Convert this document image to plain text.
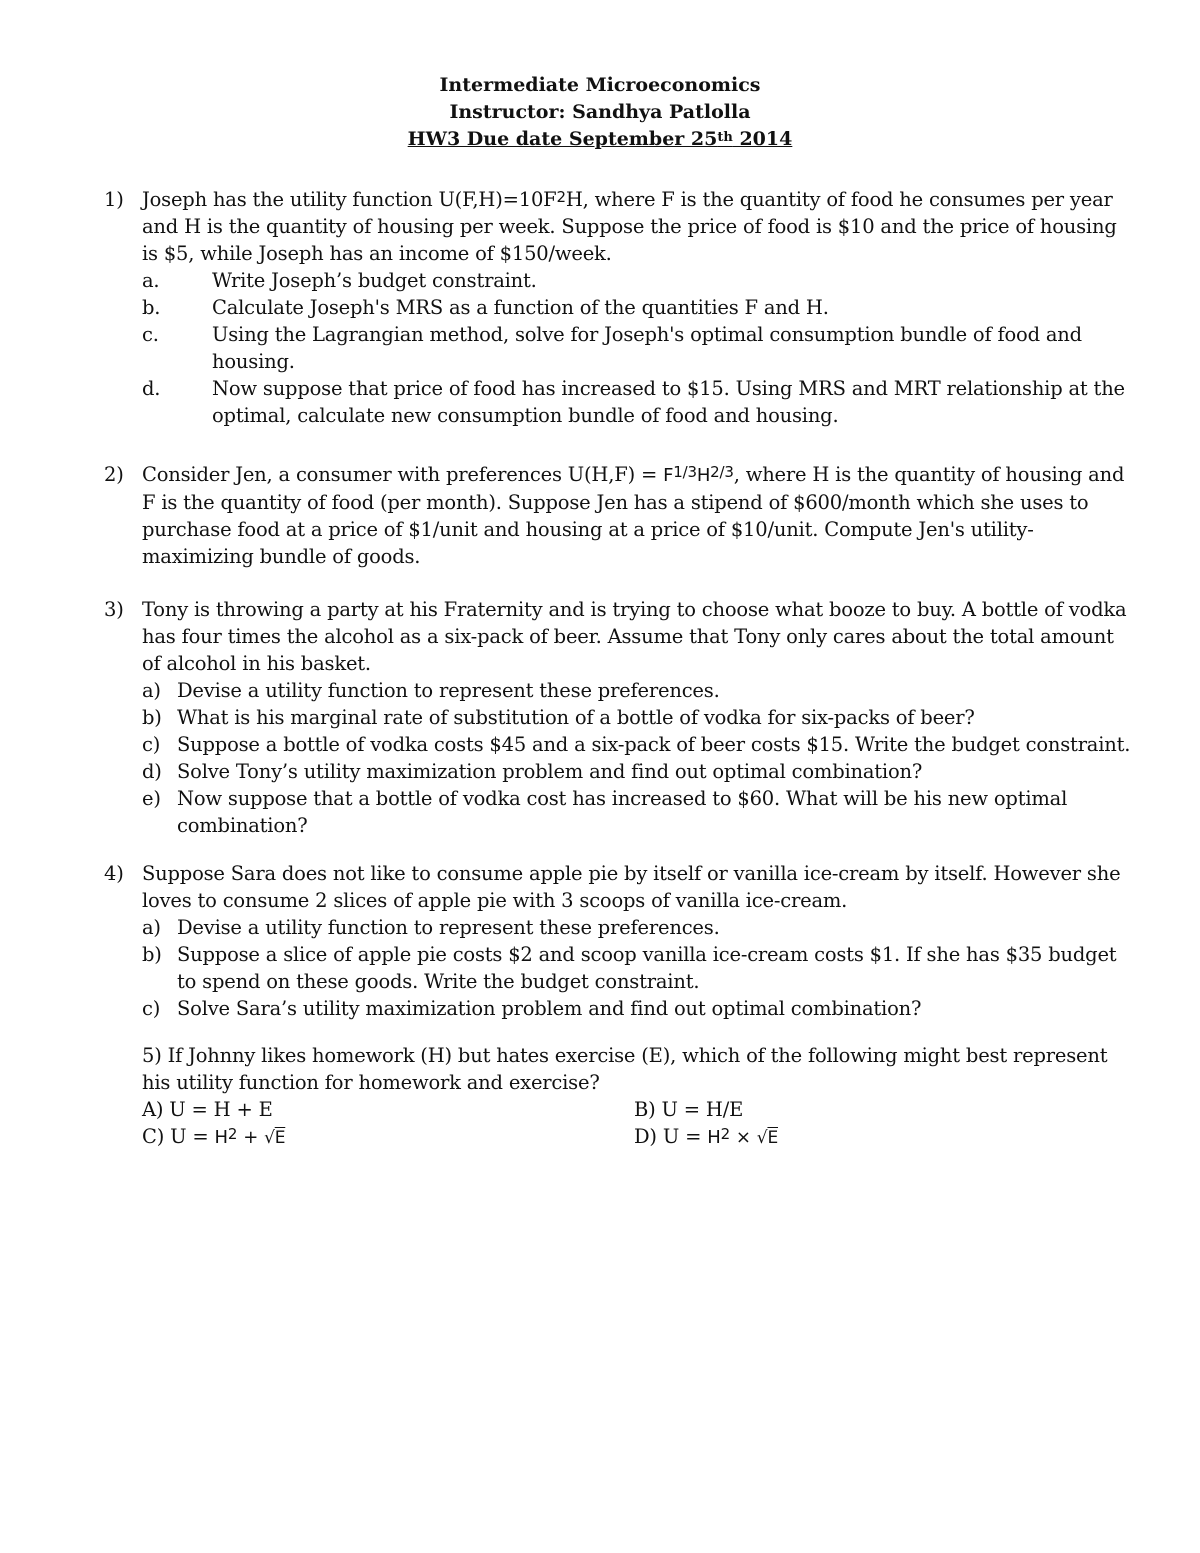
Intermediate Microeconomics
Instructor: Sandhya Patlolla
HW3 Due date September 25th 2014
1) Joseph has the utility function $U(F,H)=10F^2H$, where F is the quantity of food he consumes per year and H is the quantity of housing per week. Suppose the price of food is $10 and the price of housing is $5, while Joseph has an income of $150/week.
a.	Write Joseph’s budget constraint.
b.	Calculate Joseph's MRS as a function of the quantities F and H.
c.	Using the Lagrangian method, solve for Joseph's optimal consumption bundle of food and housing.
d.	Now suppose that price of food has increased to $15. Using MRS and MRT relationship at the optimal, calculate new consumption bundle of food and housing.
2) Consider Jen, a consumer with preferences $U(H,F) = F^{1/3}H^{2/3}$, where H is the quantity of housing and F is the quantity of food (per month). Suppose Jen has a stipend of $600/month which she uses to purchase food at a price of $1/unit and housing at a price of $10/unit. Compute Jen's utility-maximizing bundle of goods.
3) Tony is throwing a party at his Fraternity and is trying to choose what booze to buy. A bottle of vodka has four times the alcohol as a six-pack of beer. Assume that Tony only cares about the total amount of alcohol in his basket.
a) Devise a utility function to represent these preferences.
b) What is his marginal rate of substitution of a bottle of vodka for six-packs of beer?
c) Suppose a bottle of vodka costs $45 and a six-pack of beer costs $15. Write the budget constraint.
d) Solve Tony’s utility maximization problem and find out optimal combination?
e) Now suppose that a bottle of vodka cost has increased to $60. What will be his new optimal combination?
4) Suppose Sara does not like to consume apple pie by itself or vanilla ice-cream by itself. However she loves to consume 2 slices of apple pie with 3 scoops of vanilla ice-cream.
a) Devise a utility function to represent these preferences.
b) Suppose a slice of apple pie costs $2 and scoop vanilla ice-cream costs $1. If she has $35 budget to spend on these goods. Write the budget constraint.
c) Solve Sara’s utility maximization problem and find out optimal combination?
5) If Johnny likes homework (H) but hates exercise (E), which of the following might best represent his utility function for homework and exercise?
A) U = H + E	B) U = H/E
C) $U = H^2 + √E$	D) $U = H^2 \times √E$
